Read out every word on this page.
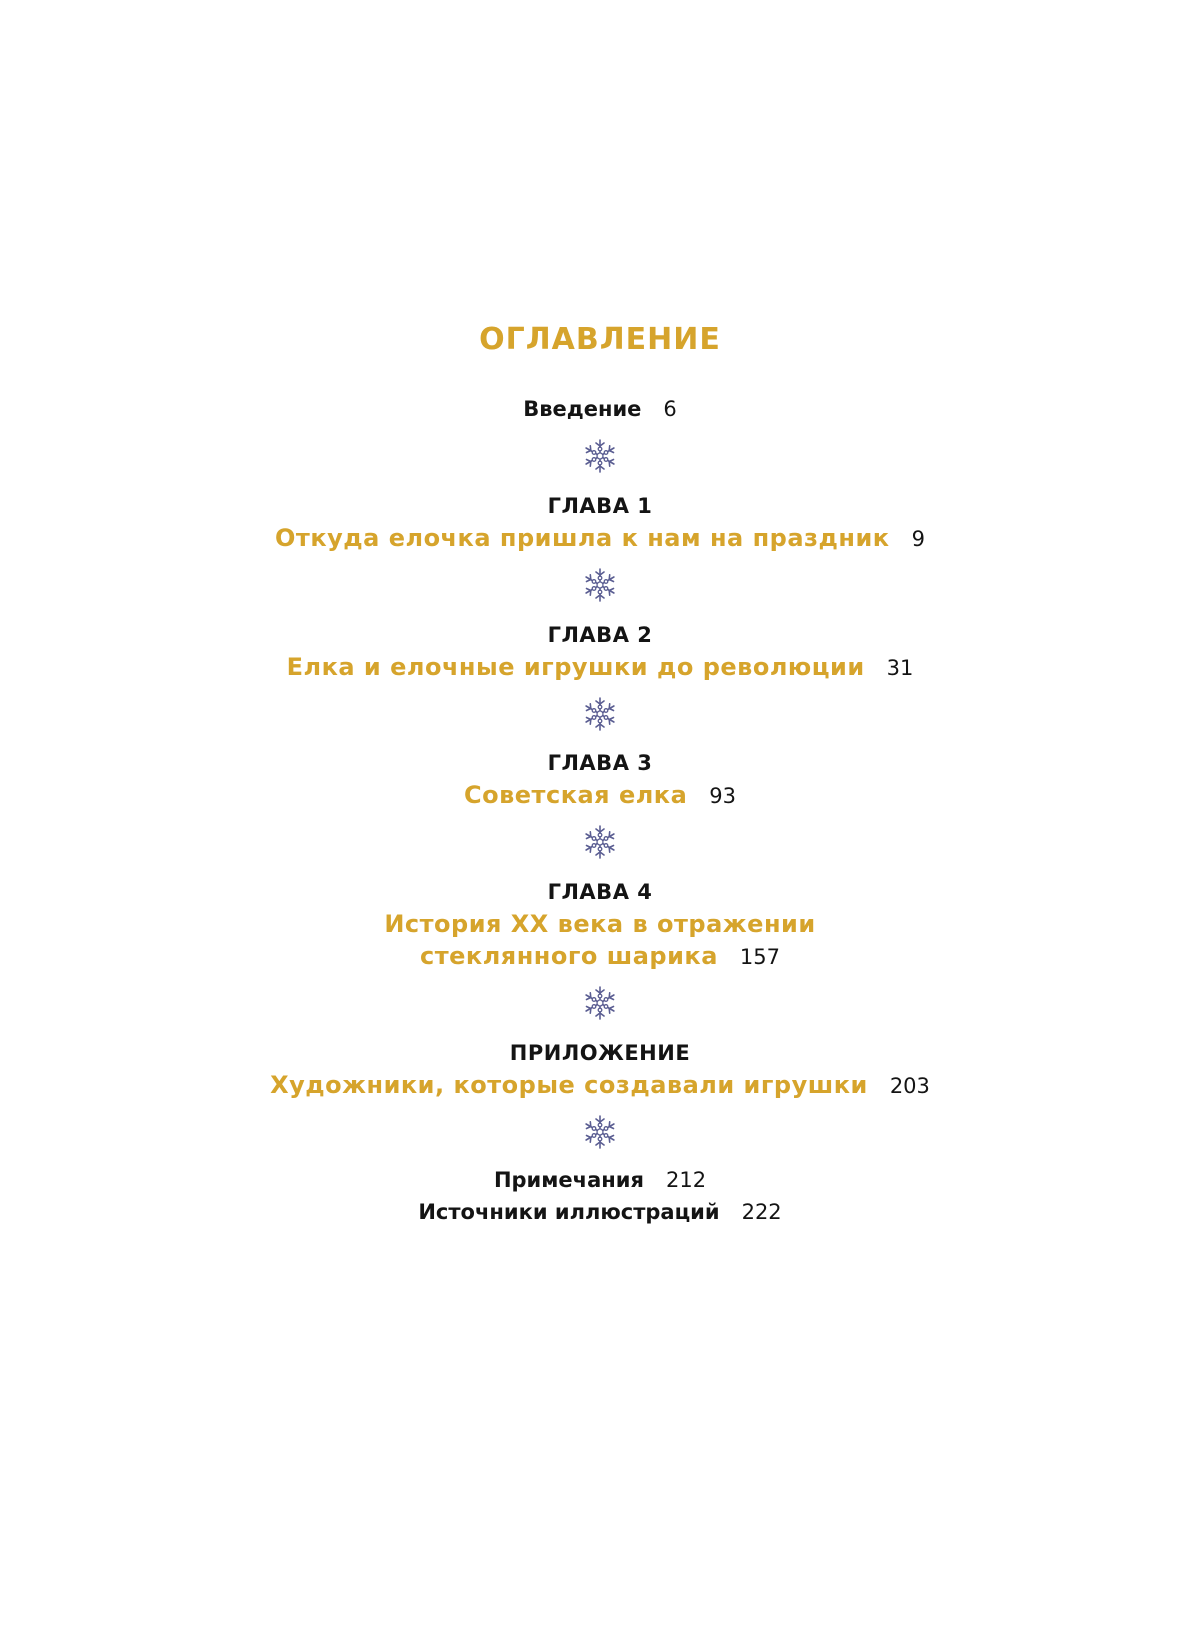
ОГЛАВЛЕНИЕ
Введение 6
ГЛАВА 1
Откуда елочка пришла к нам на праздник 9
ГЛАВА 2
Елка и елочные игрушки до революции 31
ГЛАВА 3
Советская елка 93
ГЛАВА 4
История XX века в отражении
стеклянного шарика 157
ПРИЛОЖЕНИЕ
Художники, которые создавали игрушки 203
Примечания 212
Источники иллюстраций 222
